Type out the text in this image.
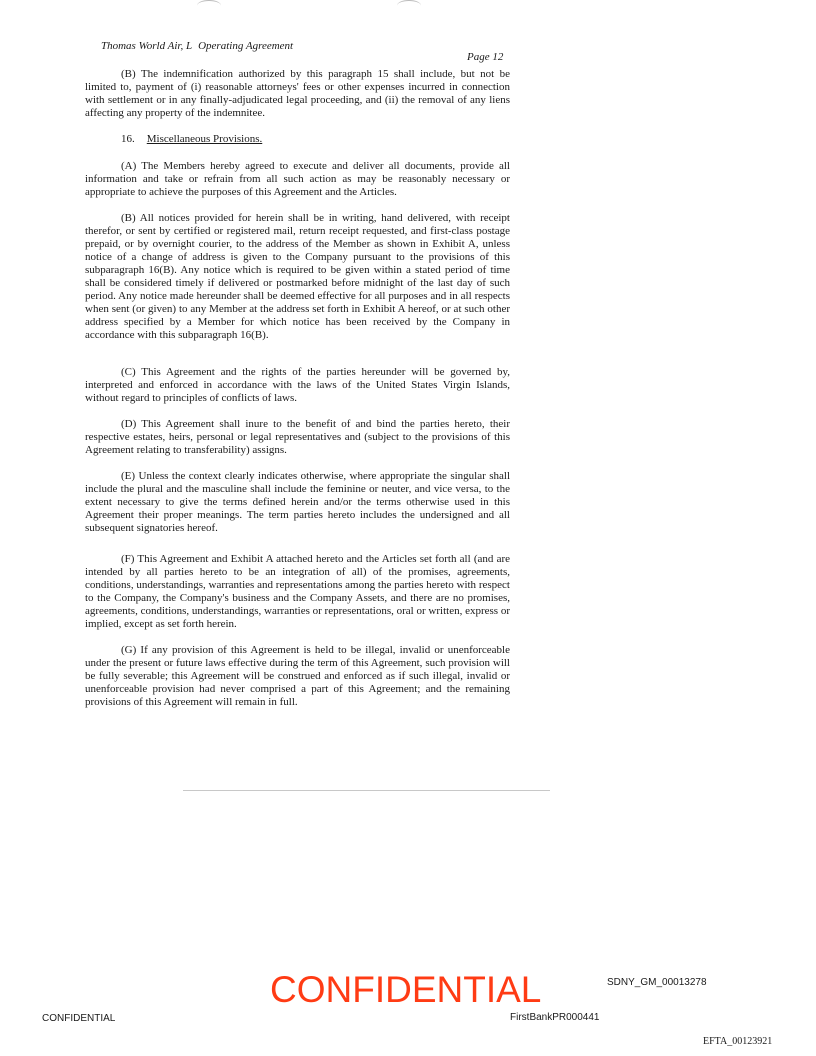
Thomas World Air, L Operating Agreement
Page 12

(B) The indemnification authorized by this paragraph 15 shall include, but not be limited to, payment of (i) reasonable attorneys' fees or other expenses incurred in connection with settlement or in any finally-adjudicated legal proceeding, and (ii) the removal of any liens affecting any property of the indemnitee.

16. Miscellaneous Provisions.

(A) The Members hereby agreed to execute and deliver all documents, provide all information and take or refrain from all such action as may be reasonably necessary or appropriate to achieve the purposes of this Agreement and the Articles.

(B) All notices provided for herein shall be in writing, hand delivered, with receipt therefor, or sent by certified or registered mail, return receipt requested, and first-class postage prepaid, or by overnight courier, to the address of the Member as shown in Exhibit A, unless notice of a change of address is given to the Company pursuant to the provisions of this subparagraph 16(B). Any notice which is required to be given within a stated period of time shall be considered timely if delivered or postmarked before midnight of the last day of such period. Any notice made hereunder shall be deemed effective for all purposes and in all respects when sent (or given) to any Member at the address set forth in Exhibit A hereof, or at such other address specified by a Member for which notice has been received by the Company in accordance with this subparagraph 16(B).

(C) This Agreement and the rights of the parties hereunder will be governed by, interpreted and enforced in accordance with the laws of the United States Virgin Islands, without regard to principles of conflicts of laws.

(D) This Agreement shall inure to the benefit of and bind the parties hereto, their respective estates, heirs, personal or legal representatives and (subject to the provisions of this Agreement relating to transferability) assigns.

(E) Unless the context clearly indicates otherwise, where appropriate the singular shall include the plural and the masculine shall include the feminine or neuter, and vice versa, to the extent necessary to give the terms defined herein and/or the terms otherwise used in this Agreement their proper meanings. The term parties hereto includes the undersigned and all subsequent signatories hereof.

(F) This Agreement and Exhibit A attached hereto and the Articles set forth all (and are intended by all parties hereto to be an integration of all) of the promises, agreements, conditions, understandings, warranties and representations among the parties hereto with respect to the Company, the Company's business and the Company Assets, and there are no promises, agreements, conditions, understandings, warranties or representations, oral or written, express or implied, except as set forth herein.

(G) If any provision of this Agreement is held to be illegal, invalid or unenforceable under the present or future laws effective during the term of this Agreement, such provision will be fully severable; this Agreement will be construed and enforced as if such illegal, invalid or unenforceable provision had never comprised a part of this Agreement; and the remaining provisions of this Agreement will remain in full.

SDNY_GM_00013278
CONFIDENTIAL
FirstBankPR000441
CONFIDENTIAL
EFTA_00123921
